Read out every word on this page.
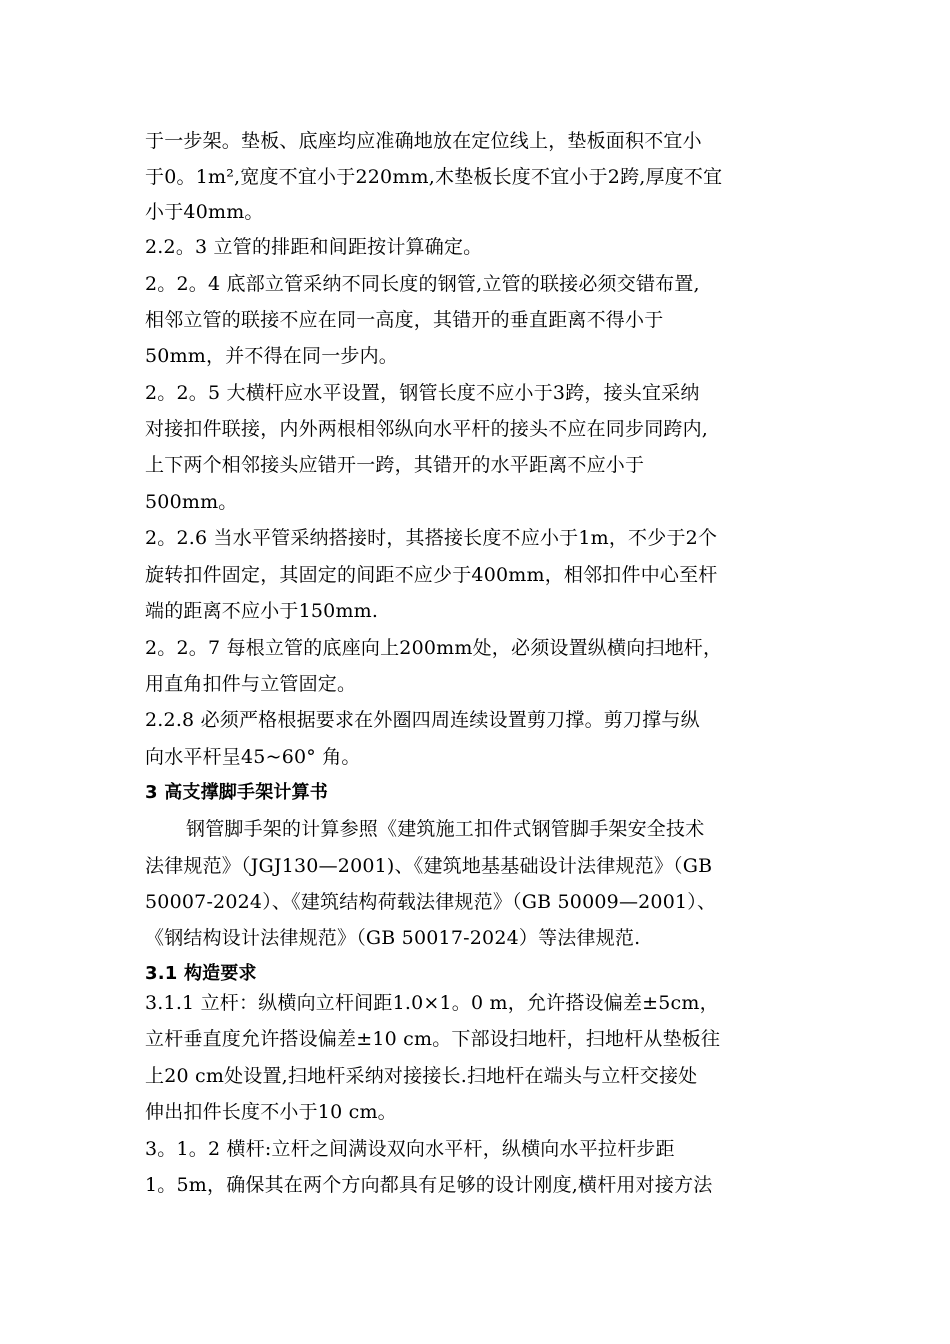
于一步架。垫板、底座均应准确地放在定位线上，垫板面积不宜小
于0。1m²,宽度不宜小于220mm,木垫板长度不宜小于2跨,厚度不宜
小于40mm。
2.2。3 立管的排距和间距按计算确定。
2。2。4 底部立管采纳不同长度的钢管,立管的联接必须交错布置,
相邻立管的联接不应在同一高度，其错开的垂直距离不得小于
50mm，并不得在同一步内。
2。2。5 大横杆应水平设置，钢管长度不应小于3跨，接头宜采纳
对接扣件联接，内外两根相邻纵向水平杆的接头不应在同步同跨内,
上下两个相邻接头应错开一跨，其错开的水平距离不应小于
500mm。
2。2.6 当水平管采纳搭接时，其搭接长度不应小于1m，不少于2个
旋转扣件固定，其固定的间距不应少于400mm，相邻扣件中心至杆
端的距离不应小于150mm.
2。2。7 每根立管的底座向上200mm处，必须设置纵横向扫地杆，
用直角扣件与立管固定。
2.2.8 必须严格根据要求在外圈四周连续设置剪刀撑。剪刀撑与纵
向水平杆呈45~60° 角。
3 高支撑脚手架计算书
钢管脚手架的计算参照《建筑施工扣件式钢管脚手架安全技术
法律规范》（JGJ130—2001)、《建筑地基基础设计法律规范》（GB
50007-2024）、《建筑结构荷载法律规范》（GB 50009—2001）、
《钢结构设计法律规范》（GB 50017-2024）等法律规范.
3.1 构造要求
3.1.1 立杆：纵横向立杆间距1.0×1。0 m，允许搭设偏差±5cm，
立杆垂直度允许搭设偏差±10 cm。下部设扫地杆，扫地杆从垫板往
上20 cm处设置,扫地杆采纳对接接长.扫地杆在端头与立杆交接处
伸出扣件长度不小于10 cm。
3。1。2 横杆:立杆之间满设双向水平杆，纵横向水平拉杆步距
1。5m，确保其在两个方向都具有足够的设计刚度,横杆用对接方法
